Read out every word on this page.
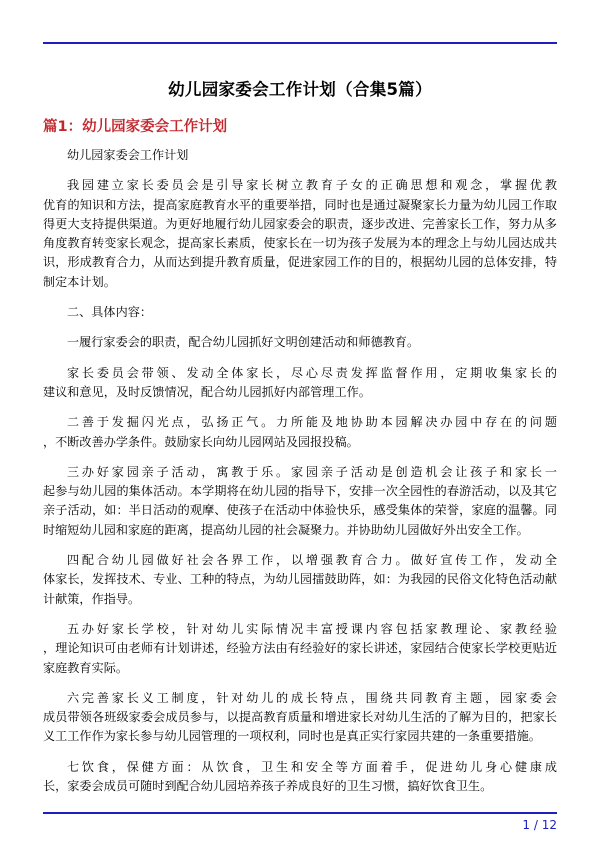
幼儿园家委会工作计划（合集5篇）
篇1：幼儿园家委会工作计划

幼儿园家委会工作计划

我园建立家长委员会是引导家长树立教育子女的正确思想和观念，掌握优教
优育的知识和方法，提高家庭教育水平的重要举措，同时也是通过凝聚家长力量为幼儿园工作取
得更大支持提供渠道。为更好地履行幼儿园家委会的职责，逐步改进、完善家长工作，努力从多
角度教育转变家长观念，提高家长素质，使家长在一切为孩子发展为本的理念上与幼儿园达成共
识，形成教育合力，从而达到提升教育质量，促进家园工作的目的，根据幼儿园的总体安排，特
制定本计划。

二、具体内容：

一履行家委会的职责，配合幼儿园抓好文明创建活动和师德教育。

家长委员会带领、发动全体家长，尽心尽责发挥监督作用，定期收集家长的
建议和意见，及时反馈情况，配合幼儿园抓好内部管理工作。

二善于发掘闪光点，弘扬正气。力所能及地协助本园解决办园中存在的问题
，不断改善办学条件。鼓励家长向幼儿园网站及园报投稿。

三办好家园亲子活动，寓教于乐。家园亲子活动是创造机会让孩子和家长一
起参与幼儿园的集体活动。本学期将在幼儿园的指导下，安排一次全园性的春游活动，以及其它
亲子活动，如：半日活动的观摩、使孩子在活动中体验快乐，感受集体的荣誉，家庭的温馨。同
时缩短幼儿园和家庭的距离，提高幼儿园的社会凝聚力。并协助幼儿园做好外出安全工作。

四配合幼儿园做好社会各界工作，以增强教育合力。做好宣传工作，发动全
体家长，发挥技术、专业、工种的特点，为幼儿园擂鼓助阵，如：为我园的民俗文化特色活动献
计献策，作指导。

五办好家长学校，针对幼儿实际情况丰富授课内容包括家教理论、家教经验
，理论知识可由老师有计划讲述，经验方法由有经验好的家长讲述，家园结合使家长学校更贴近
家庭教育实际。

六完善家长义工制度，针对幼儿的成长特点，围绕共同教育主题，园家委会
成员带领各班级家委会成员参与，以提高教育质量和增进家长对幼儿生活的了解为目的，把家长
义工工作作为家长参与幼儿园管理的一项权利，同时也是真正实行家园共建的一条重要措施。

七饮食，保健方面：从饮食，卫生和安全等方面着手，促进幼儿身心健康成
长，家委会成员可随时到配合幼儿园培养孩子养成良好的卫生习惯，搞好饮食卫生。

1 / 12
